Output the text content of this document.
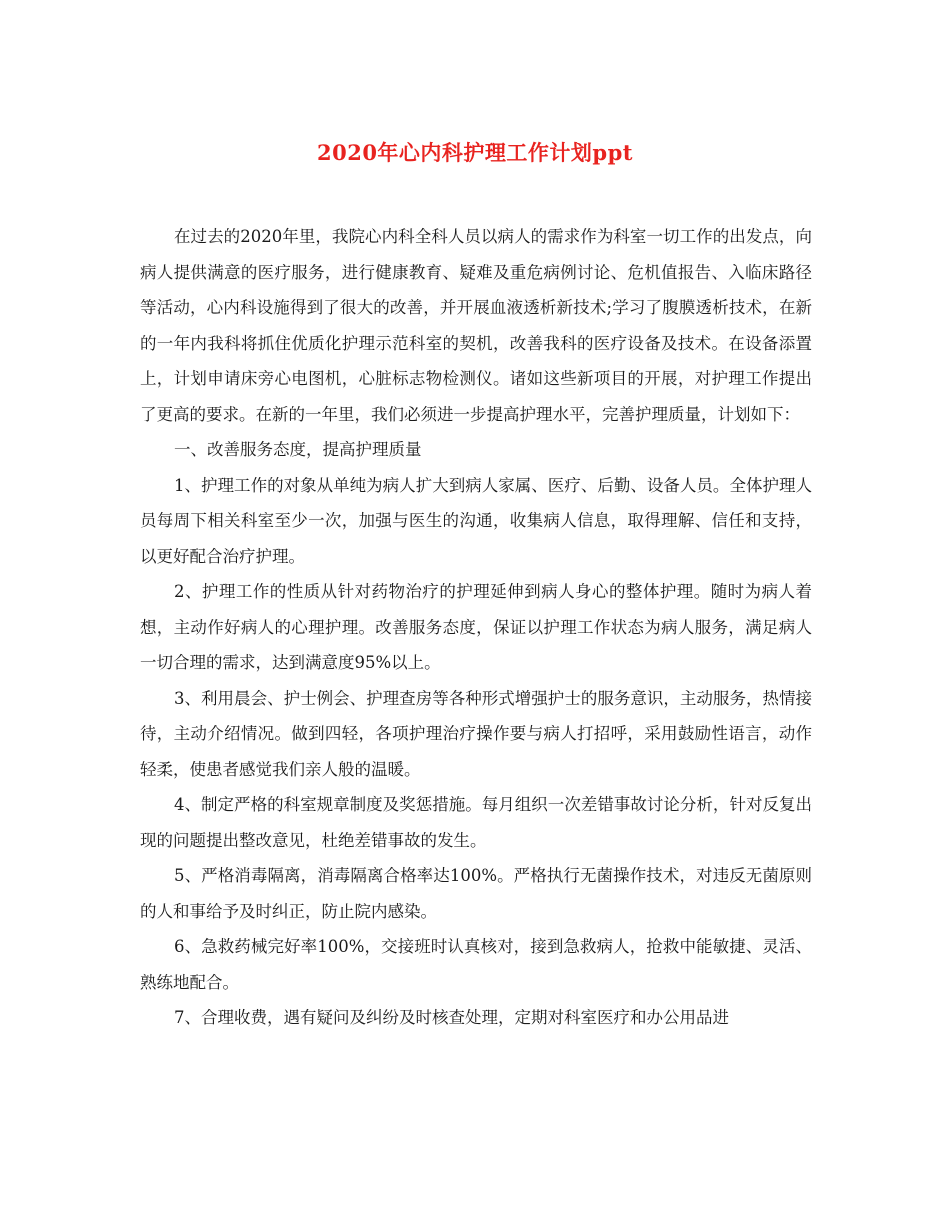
2020年心内科护理工作计划ppt

在过去的2020年里，我院心内科全科人员以病人的需求作为科室一切工作的出发点，向病人提供满意的医疗服务，进行健康教育、疑难及重危病例讨论、危机值报告、入临床路径等活动，心内科设施得到了很大的改善，并开展血液透析新技术;学习了腹膜透析技术，在新的一年内我科将抓住优质化护理示范科室的契机，改善我科的医疗设备及技术。在设备添置上，计划申请床旁心电图机，心脏标志物检测仪。诸如这些新项目的开展，对护理工作提出了更高的要求。在新的一年里，我们必须进一步提高护理水平，完善护理质量，计划如下：

一、改善服务态度，提高护理质量

1、护理工作的对象从单纯为病人扩大到病人家属、医疗、后勤、设备人员。全体护理人员每周下相关科室至少一次，加强与医生的沟通，收集病人信息，取得理解、信任和支持，以更好配合治疗护理。

2、护理工作的性质从针对药物治疗的护理延伸到病人身心的整体护理。随时为病人着想，主动作好病人的心理护理。改善服务态度，保证以护理工作状态为病人服务，满足病人一切合理的需求，达到满意度95%以上。

3、利用晨会、护士例会、护理查房等各种形式增强护士的服务意识，主动服务，热情接待，主动介绍情况。做到四轻，各项护理治疗操作要与病人打招呼，采用鼓励性语言，动作轻柔，使患者感觉我们亲人般的温暖。

4、制定严格的科室规章制度及奖惩措施。每月组织一次差错事故讨论分析，针对反复出现的问题提出整改意见，杜绝差错事故的发生。

5、严格消毒隔离，消毒隔离合格率达100%。严格执行无菌操作技术，对违反无菌原则的人和事给予及时纠正，防止院内感染。

6、急救药械完好率100%，交接班时认真核对，接到急救病人，抢救中能敏捷、灵活、熟练地配合。

7、合理收费，遇有疑问及纠纷及时核查处理，定期对科室医疗和办公用品进
